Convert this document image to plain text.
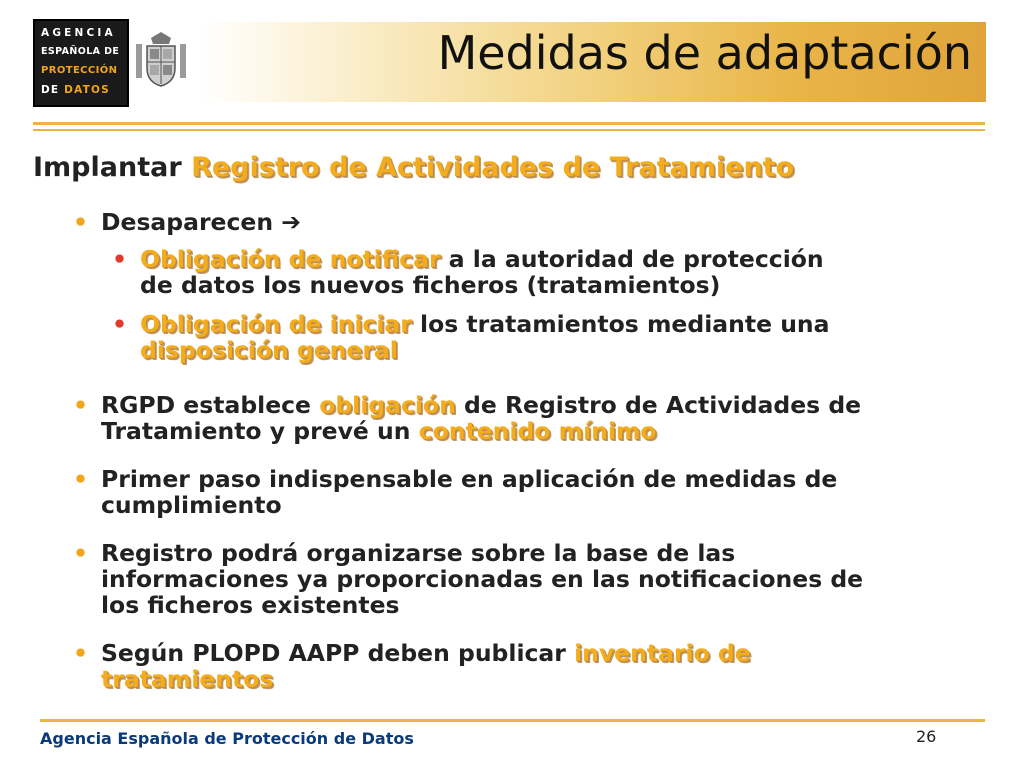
AGENCIA
ESPAÑOLA DE
PROTECCIÓN
DE DATOS
Medidas de adaptación
Implantar Registro de Actividades de Tratamiento
• Desaparecen ➔
• Obligación de notificar a la autoridad de protección
de datos los nuevos ficheros (tratamientos)
• Obligación de iniciar los tratamientos mediante una
disposición general
• RGPD establece obligación de Registro de Actividades de
Tratamiento y prevé un contenido mínimo
• Primer paso indispensable en aplicación de medidas de
cumplimiento
• Registro podrá organizarse sobre la base de las
informaciones ya proporcionadas en las notificaciones de
los ficheros existentes
• Según PLOPD AAPP deben publicar inventario de
tratamientos
Agencia Española de Protección de Datos	26
